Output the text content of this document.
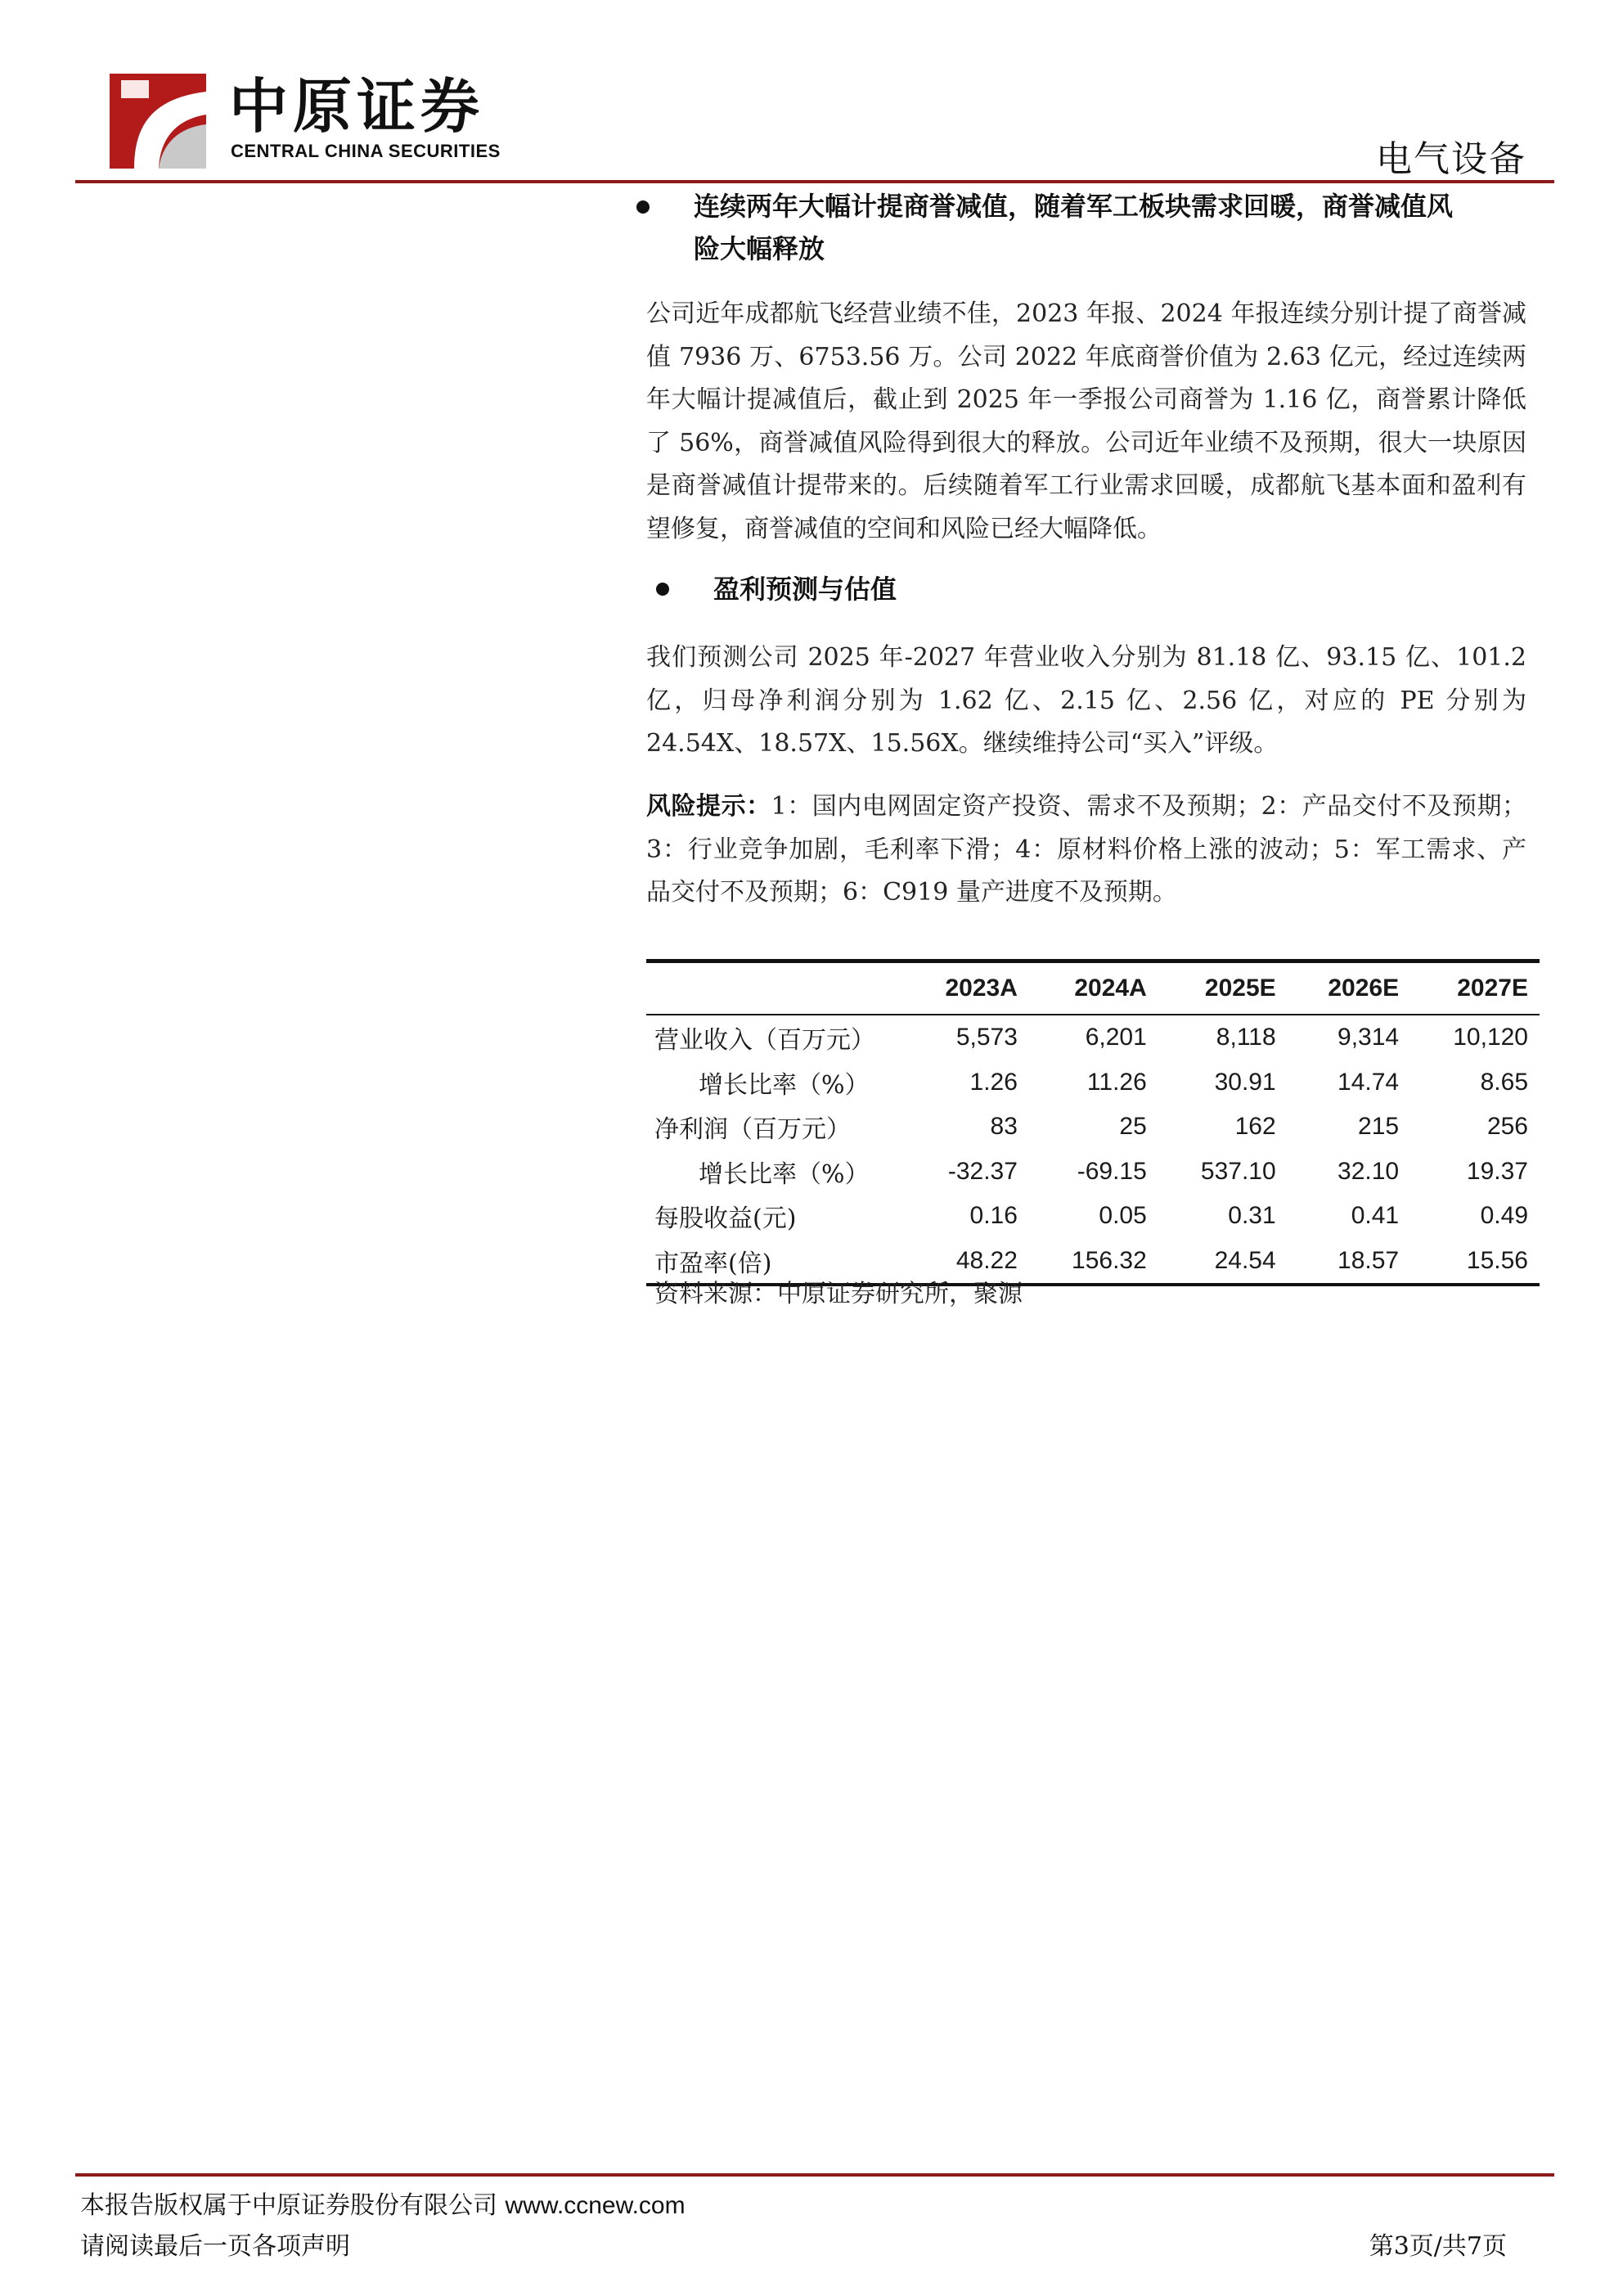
中原证券
CENTRAL CHINA SECURITIES	电气设备
连续两年大幅计提商誉减值，随着军工板块需求回暖，商誉减值风
险大幅释放
公司近年成都航飞经营业绩不佳，2023 年报、2024 年报连续分别计提了商誉减值 7936 万、6753.56 万。公司 2022 年底商誉价值为 2.63 亿元，经过连续两年大幅计提减值后，截止到 2025 年一季报公司商誉为 1.16 亿，商誉累计降低了 56%，商誉减值风险得到很大的释放。公司近年业绩不及预期，很大一块原因是商誉减值计提带来的。后续随着军工行业需求回暖，成都航飞基本面和盈利有望修复，商誉减值的空间和风险已经大幅降低。
盈利预测与估值
我们预测公司 2025 年-2027 年营业收入分别为 81.18 亿、93.15 亿、101.2 亿，归母净利润分别为 1.62 亿、2.15 亿、2.56 亿，对应的 PE 分别为 24.54X、18.57X、15.56X。继续维持公司“买入”评级。
风险提示：1：国内电网固定资产投资、需求不及预期；2：产品交付不及预期；3：行业竞争加剧，毛利率下滑；4：原材料价格上涨的波动；5：军工需求、产品交付不及预期；6：C919 量产进度不及预期。
	2023A	2024A	2025E	2026E	2027E
营业收入（百万元）	5,573	6,201	8,118	9,314	10,120
增长比率（%）	1.26	11.26	30.91	14.74	8.65
净利润（百万元）	83	25	162	215	256
增长比率（%）	-32.37	-69.15	537.10	32.10	19.37
每股收益(元)	0.16	0.05	0.31	0.41	0.49
市盈率(倍)	48.22	156.32	24.54	18.57	15.56
资料来源：中原证券研究所，聚源
本报告版权属于中原证券股份有限公司 www.ccnew.com
请阅读最后一页各项声明	第3页/共7页
